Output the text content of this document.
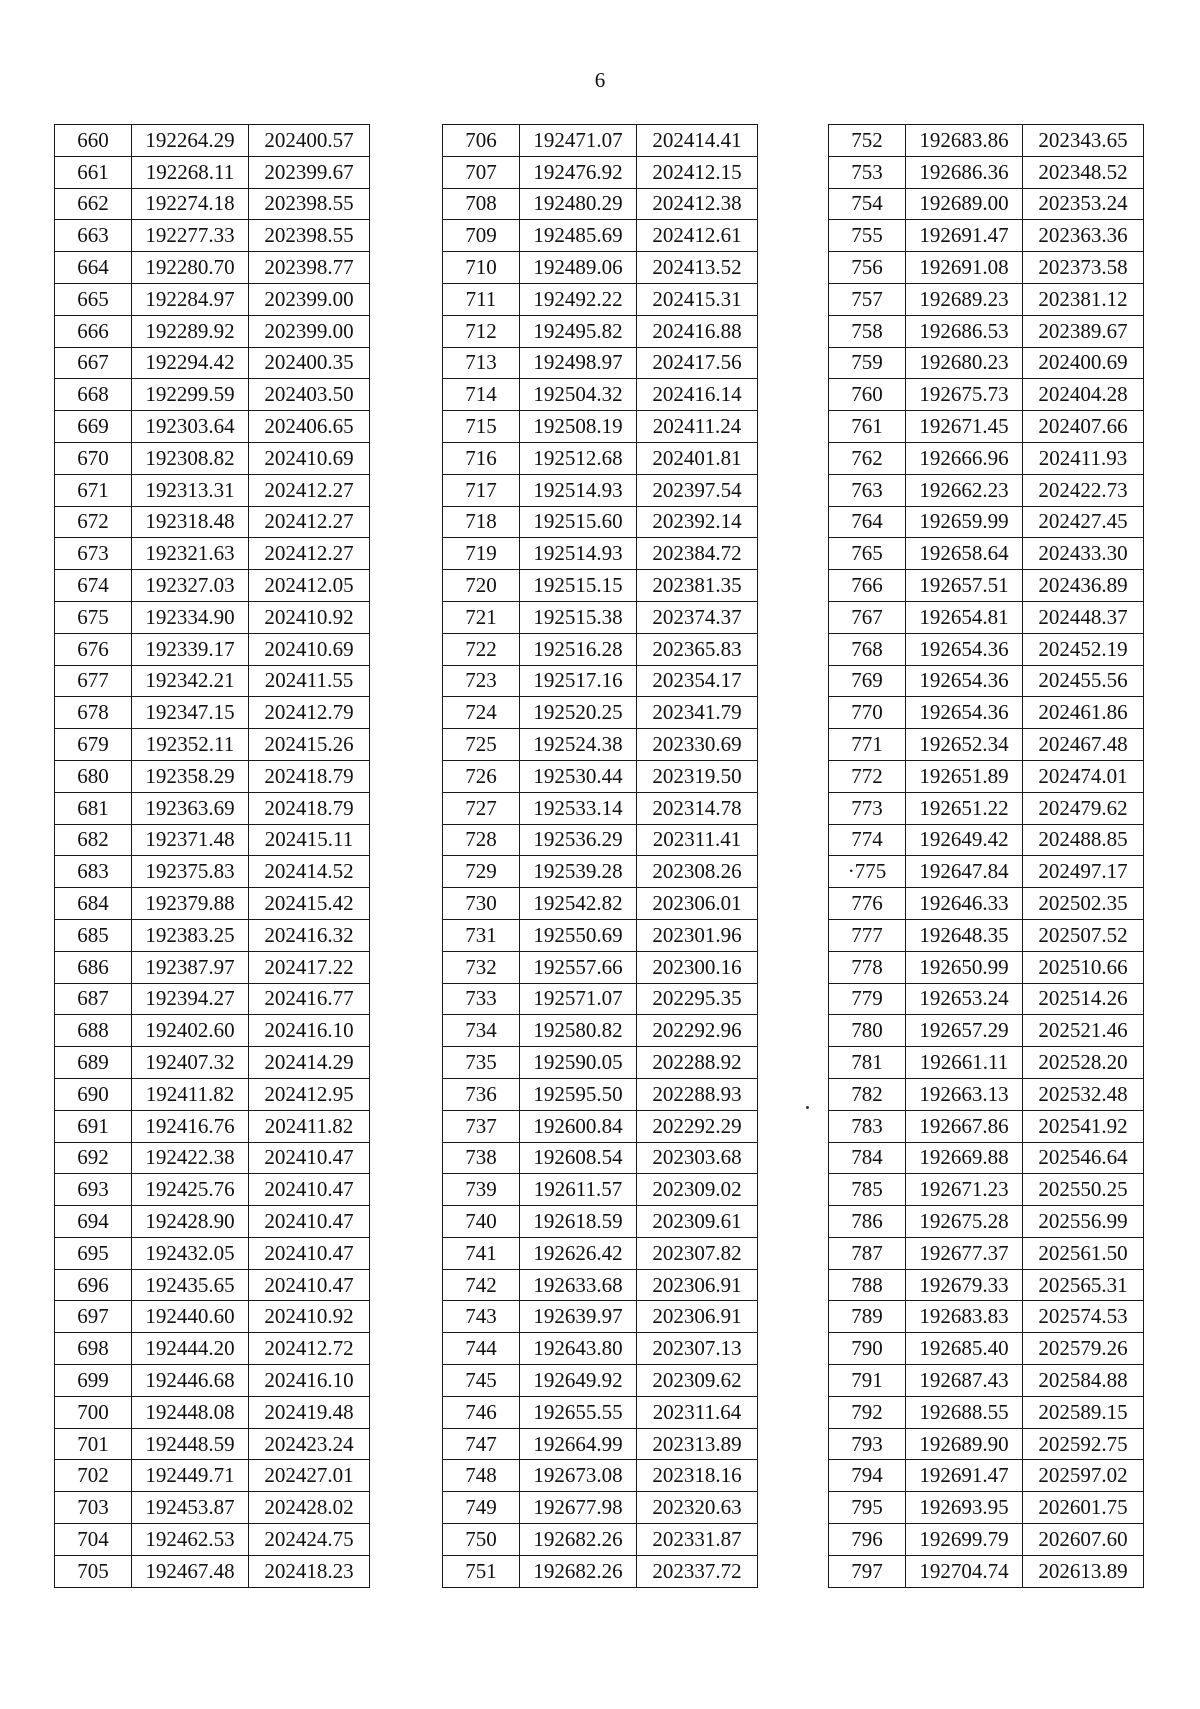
6
660	192264.29	202400.57
661	192268.11	202399.67
662	192274.18	202398.55
663	192277.33	202398.55
664	192280.70	202398.77
665	192284.97	202399.00
666	192289.92	202399.00
667	192294.42	202400.35
668	192299.59	202403.50
669	192303.64	202406.65
670	192308.82	202410.69
671	192313.31	202412.27
672	192318.48	202412.27
673	192321.63	202412.27
674	192327.03	202412.05
675	192334.90	202410.92
676	192339.17	202410.69
677	192342.21	202411.55
678	192347.15	202412.79
679	192352.11	202415.26
680	192358.29	202418.79
681	192363.69	202418.79
682	192371.48	202415.11
683	192375.83	202414.52
684	192379.88	202415.42
685	192383.25	202416.32
686	192387.97	202417.22
687	192394.27	202416.77
688	192402.60	202416.10
689	192407.32	202414.29
690	192411.82	202412.95
691	192416.76	202411.82
692	192422.38	202410.47
693	192425.76	202410.47
694	192428.90	202410.47
695	192432.05	202410.47
696	192435.65	202410.47
697	192440.60	202410.92
698	192444.20	202412.72
699	192446.68	202416.10
700	192448.08	202419.48
701	192448.59	202423.24
702	192449.71	202427.01
703	192453.87	202428.02
704	192462.53	202424.75
705	192467.48	202418.23
706	192471.07	202414.41
707	192476.92	202412.15
708	192480.29	202412.38
709	192485.69	202412.61
710	192489.06	202413.52
711	192492.22	202415.31
712	192495.82	202416.88
713	192498.97	202417.56
714	192504.32	202416.14
715	192508.19	202411.24
716	192512.68	202401.81
717	192514.93	202397.54
718	192515.60	202392.14
719	192514.93	202384.72
720	192515.15	202381.35
721	192515.38	202374.37
722	192516.28	202365.83
723	192517.16	202354.17
724	192520.25	202341.79
725	192524.38	202330.69
726	192530.44	202319.50
727	192533.14	202314.78
728	192536.29	202311.41
729	192539.28	202308.26
730	192542.82	202306.01
731	192550.69	202301.96
732	192557.66	202300.16
733	192571.07	202295.35
734	192580.82	202292.96
735	192590.05	202288.92
736	192595.50	202288.93
737	192600.84	202292.29
738	192608.54	202303.68
739	192611.57	202309.02
740	192618.59	202309.61
741	192626.42	202307.82
742	192633.68	202306.91
743	192639.97	202306.91
744	192643.80	202307.13
745	192649.92	202309.62
746	192655.55	202311.64
747	192664.99	202313.89
748	192673.08	202318.16
749	192677.98	202320.63
750	192682.26	202331.87
751	192682.26	202337.72
752	192683.86	202343.65
753	192686.36	202348.52
754	192689.00	202353.24
755	192691.47	202363.36
756	192691.08	202373.58
757	192689.23	202381.12
758	192686.53	202389.67
759	192680.23	202400.69
760	192675.73	202404.28
761	192671.45	202407.66
762	192666.96	202411.93
763	192662.23	202422.73
764	192659.99	202427.45
765	192658.64	202433.30
766	192657.51	202436.89
767	192654.81	202448.37
768	192654.36	202452.19
769	192654.36	202455.56
770	192654.36	202461.86
771	192652.34	202467.48
772	192651.89	202474.01
773	192651.22	202479.62
774	192649.42	202488.85
·775	192647.84	202497.17
776	192646.33	202502.35
777	192648.35	202507.52
778	192650.99	202510.66
779	192653.24	202514.26
780	192657.29	202521.46
781	192661.11	202528.20
782	192663.13	202532.48
783	192667.86	202541.92
784	192669.88	202546.64
785	192671.23	202550.25
786	192675.28	202556.99
787	192677.37	202561.50
788	192679.33	202565.31
789	192683.83	202574.53
790	192685.40	202579.26
791	192687.43	202584.88
792	192688.55	202589.15
793	192689.90	202592.75
794	192691.47	202597.02
795	192693.95	202601.75
796	192699.79	202607.60
797	192704.74	202613.89
